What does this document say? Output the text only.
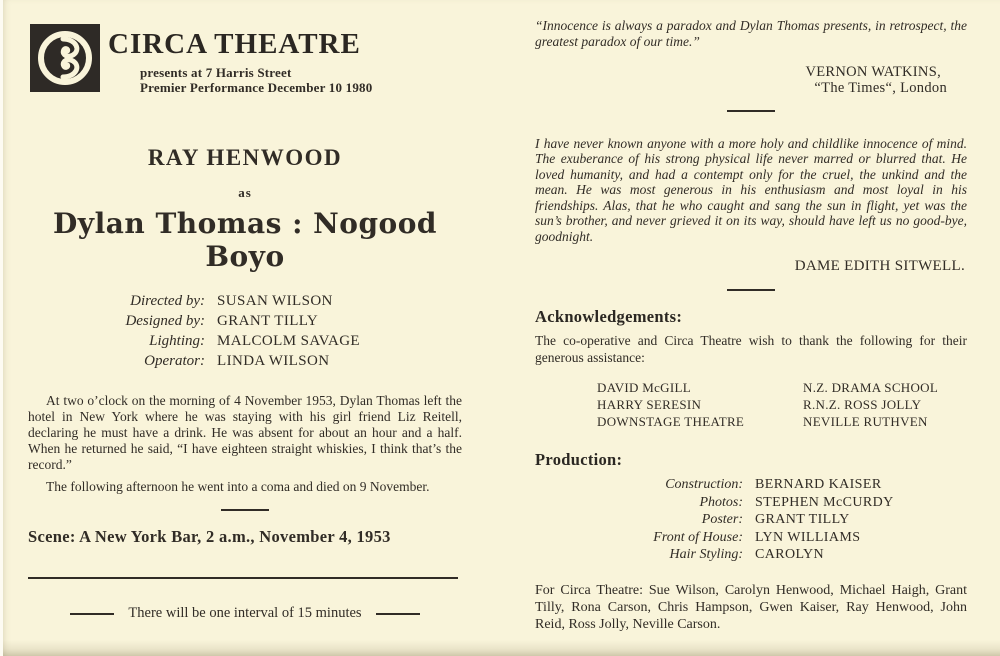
CIRCA THEATRE
presents at 7 Harris Street
Premier Performance December 10 1980
RAY HENWOOD
as
Dylan Thomas : Nogood Boyo
Directed by: SUSAN WILSON
Designed by: GRANT TILLY
Lighting: MALCOLM SAVAGE
Operator: LINDA WILSON

At two o’clock on the morning of 4 November 1953, Dylan Thomas left the hotel in New York where he was staying with his girl friend Liz Reitell, declaring he must have a drink. He was absent for about an hour and a half. When he returned he said, “I have eighteen straight whiskies, I think that’s the record.”

The following afternoon he went into a coma and died on 9 November.

Scene: A New York Bar, 2 a.m., November 4, 1953
There will be one interval of 15 minutes

“Innocence is always a paradox and Dylan Thomas presents, in retrospect, the greatest paradox of our time.”

VERNON WATKINS,
“The Times“, London

I have never known anyone with a more holy and childlike innocence of mind. The exuberance of his strong physical life never marred or blurred that. He loved humanity, and had a contempt only for the cruel, the unkind and the mean. He was most generous in his enthusiasm and most loyal in his friendships. Alas, that he who caught and sang the sun in flight, yet was the sun’s brother, and never grieved it on its way, should have left us no good-bye, goodnight.

DAME EDITH SITWELL.
Acknowledgements:

The co-operative and Circa Theatre wish to thank the following for their generous assistance:

DAVID McGILL
HARRY SERESIN
DOWNSTAGE THEATRE
N.Z. DRAMA SCHOOL
R.N.Z. ROSS JOLLY
NEVILLE RUTHVEN
Production:
Construction: BERNARD KAISER
Photos: STEPHEN McCURDY
Poster: GRANT TILLY
Front of House: LYN WILLIAMS
Hair Styling: CAROLYN

For Circa Theatre: Sue Wilson, Carolyn Henwood, Michael Haigh, Grant Tilly, Rona Carson, Chris Hampson, Gwen Kaiser, Ray Henwood, John Reid, Ross Jolly, Neville Carson.
